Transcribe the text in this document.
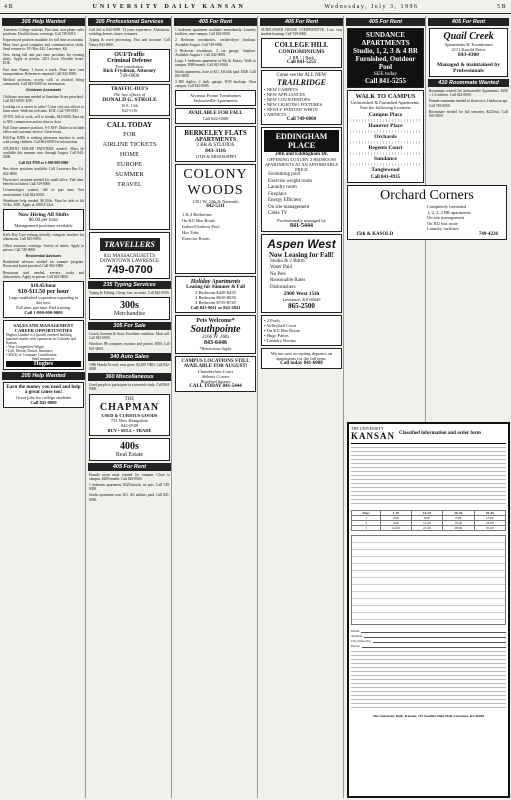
4B	UNIVERSITY DAILY KANSAN	Wednesday, July 3, 1996	5B
305 Help Wanted

Attention: College students. Part time, non-phone sales positions. Flexible hours, evenings. Call 749-0015.

Experienced position available for full time accountant. Must have good computer and communication skills. Send resume to: PO Box 442, Lawrence, KS.

Now hiring full and part time positions for evening shifts. Apply in person, 3201 Iowa. Flexible hours. EOE.

Part time Nanny, 3 hours a week. Must have own transportation. References required. Call 842-0000.

Medical positions, accept calls at assisted living community. Call 843-0000 for information.

Childcare Assistants

Childcare assistant needed at Sunshine Acres preschool. Call 841-0000. EOE.

Looking for a career in sales? Come visit our offices to learn more. Walk-ins welcome. EOE. Call 749-0015.

AVON. Sell at work, sell to friends, 842-0000. Earn up to 50% commission and no door to door.

Full Time summer position, 9-5 M-F. Duties to include office and customer service. Great hours.

Hill-Top KIDS is seeking afternoon teachers to work with young children. Call 864-0000 for information.

STUDENT HOUSE PAINTERS needed. Must be available this summer, now through August. Call 843-0000.

Call 841-8700 or 1-800-000-0000

Bus driver positions available. Call Lawrence Bus Co. 842-0000.

Physician's assistant needed for small office. Full time, benefits included. Call 749-0000.

Cosmetologist wanted, full or part time. Fun environment. Call 842-0000.

Warehouse help needed, $6.50/hr. Must be able to lift 50 lbs. EOE. Apply at 1800 E 23rd.

Now Hiring All Shifts
$6.00 per hour
Management positions available

Kid's Day Care seeking friendly, energetic teachers for afternoons. Call 843-0000.

Office assistant, evenings. Variety of duties. Apply in person. Call 749-0000.

Residential Advisors

Residential advisors needed for summer program. Room and board provided. Call 864-0000.

Restaurant staff needed, servers, cooks and dishwashers. Apply in person. Call 842-0000.

$10.45/hour
$10-$11.50 per hour
Large established corporation expanding in this area.
Full time, part time. Paid training.
Call 1-800-000-0000
SALES AND MANAGEMENT CAREER OPPORTUNITIES
Hughes Lumber is a growth oriented building material retailer with operations in Colorado and Kansas.
• Very Competitive Wages
• Life, Health, Dental, Insurance
• 401(k) w/ Company Contribution
Send resume to:
Hughes
205 Help Wanted
Earn the money you need and help a great cause too!
Great jobs for college students
Call 841-0000
305 Professional Services

Call Jeff at 842-0000. 14 years experience. Alterations, wedding dresses, dance costumes.

Typing & word processing. Fast and accurate. Call Nancy 843-0000.

OUI/Traffic
Criminal Defense
Free consultation
Rick Frydman, Attorney
749-0000
TRAFFIC-DUI'S
The law offices of
DONALD G. STROLE
16 E. 13th
842-5116
CALL TODAY
FOR
AIRLINE TICKETS
HOME
EUROPE
SUMMER
TRAVEL
TRAVELLERS
831 MASSACHUSETTS
DOWNTOWN LAWRENCE
749-0700
235 Typing Services

Typing & Editing. Cheap, fast, accurate. Call 842-0000.

300s
Merchandise
305 For Sale

Couch, loveseat & chair. Excellent condition. Must sell. Call 843-0000.

Windows 98 computer, monitor and printer. $500. Call 841-0000.

340 Auto Sales

1986 Honda Accord, runs great. $2,500 OBO. Call 842-0000.

360 Miscellaneous

Good people to participate in a research study. Call 864-0000.

THE
CHAPMAN
USED & CURIOUS GOODS
731 New Hampshire
842-0500
BUY • SELL • TRADE
400s
Real Estate
405 For Rent

Female room mate wanted for summer. Close to campus. $200/month. Call 843-0000.

1 bedroom apartment, $325/month, no pets. Call 749-0000.

Studio apartment near KU. All utilities paid. Call 841-0000.

405 For Rent

1 bedroom apartment available immediately. Laundry facilities, near campus. Call 842-0000.

2 Bedroom townhomes, washer/dryer hookups. Available August. Call 749-0000.

3 Bedroom townhouse, 2 car garage, fireplace. Available August 1. Call 842-0000.

Large 1 bedroom apartment at 9th & Emery. Walk to campus. $380/month. Call 841-0000.

Studio apartment, close to KU. All bills paid. $300. Call 843-0000.

3 BR duplex, 2 bath, garage, W/D hookups. Near campus. Call 842-0000.

Alvamar Pointe Townhomes
Jacksonville Apartments
AVAILABLE FOR FALL
Call 842-0000
BERKELEY FLATS
APARTMENTS
2 BR & STUDIOS
843-3116
11TH & MISSISSIPPI
COLONY WOODS
1301 W. 24th & Naismith
842-5111
1 & 2 Bedrooms
On KU Bus Route
Indoor/Outdoor Pool
Hot Tubs
Exercise Room
Holiday Apartments
Leasing for Summer & Fall
2 Bedroom $420-$435
3 Bedroom $610-$630
4 Bedroom $735-$745
Call 843-0011 or 842-3841
Pets Welcome*
Southpointe
2166 W. 26th
843-6446
*Restrictions Apply
CAMPUS LOCATIONS STILL AVAILABLE FOR AUGUST!
Chamberlain Court
Abbotts Corner
Bradford Square
CALL TODAY 841-5444
405 For Rent

SUNFLOWER HOUSE COOPERATIVE. Low cost student housing. Call 749-0000.

COLLEGE HILL
CONDOMINIUMS
1 BR / 1 Bath
Call 841-5255
Come see the ALL NEW
TRAILRIDGE
• NEW CARPETS
• NEW APPLIANCES
• NEW COUNTERTOPS
• NEW LIGHTING FIXTURES
• NEWLY PAINTED WHITE CABINETS
Call 749-0000
EDDINGHAM PLACE
24th and Eddingham Dr.
OFFERING LUXURY 2 BEDROOM APARTMENTS AT AN AFFORDABLE PRICE
Swimming pool
Exercise weight room
Laundry room
Fireplace
Energy Efficient
On site management
Cable TV
Professionally managed by
841-5444
Aspen West
Now Leasing for Fall!
Studio & 2 Bdrm
Water Paid
No Pets
Reasonable Rates
Dishwashers
2900 West 15th
Lawrence, KS 66049
865-2500
• 2 Pools
• Volleyball Court
• On KU Bus Route
• Huge Patios
• Laundry Rooms
We are now accepting deposits on apartments for the fall term.
Call today 841-6080
405 For Rent
SUNDANCE APARTMENTS
Studio, 1, 2, 3 & 4 BR
Furnished, Outdoor Pool
SEE today
Call 841-5255
WALK TO CAMPUS
Unfurnished & Furnished Apartments.
Visit the following locations:
Campus Place
Hanover Place
Orchards
Regents Court
Sundance
Tanglewood
Call 841-4935
Orchard Corners
Completely furnished
1, 2, 3, 4 BR apartments
On site management
On KU bus route
Laundry facilities
15th & KASOLD	749-4226
405 For Rent
Quail Creek
Apartments & Townhomes
2111 Kasold Drive
843-4300
Managed & maintained by Professionals
410 Roommate Wanted

Roommate wanted for Jacksonville Apartments. $250 + 1/2 utilities. Call 842-0000.

Female roommate needed to share nice 2 bedroom apt. Call 749-0000.

Roommate needed for fall semester. $225/mo. Call 843-0000.

THE UNIVERSITY
KANSAN Classified information and order form
Days	1-15	16-25	26-35	36-45
1	4.00	6.00	8.00	10.00
3	9.60	14.40	19.20	24.00
5	14.00	21.00	28.00	35.00
Name
Address
City/State/Zip
Phone
The University Daily Kansan, 119 Stauffer-Flint Hall, Lawrence, KS 66045
